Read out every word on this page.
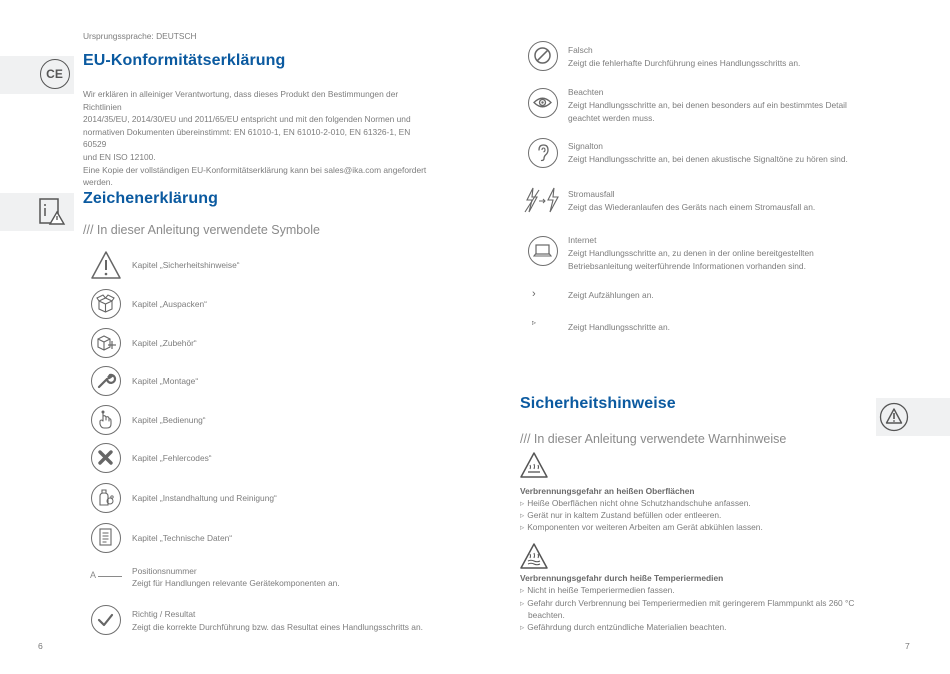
Ursprungssprache: DEUTSCH
CE
EU-Konformitätserklärung
Wir erklären in alleiniger Verantwortung, dass dieses Produkt den Bestimmungen der Richtlinien
2014/35/EU, 2014/30/EU und 2011/65/EU entspricht und mit den folgenden Normen und
normativen Dokumenten übereinstimmt: EN 61010-1, EN 61010-2-010, EN 61326-1, EN 60529
und EN ISO 12100.
Eine Kopie der vollständigen EU-Konformitätserklärung kann bei sales@ika.com angefordert
werden.
Zeichenerklärung
/// In dieser Anleitung verwendete Symbole
Kapitel „Sicherheitshinweise“
Kapitel „Auspacken“
Kapitel „Zubehör“
Kapitel „Montage“
Kapitel „Bedienung“
Kapitel „Fehlercodes“
Kapitel „Instandhaltung und Reinigung“
Kapitel „Technische Daten“
A	Positionsnummer
Zeigt für Handlungen relevante Gerätekomponenten an.
Richtig / Resultat
Zeigt die korrekte Durchführung bzw. das Resultat eines Handlungsschritts an.
6
Falsch
Zeigt die fehlerhafte Durchführung eines Handlungsschritts an.
Beachten
Zeigt Handlungsschritte an, bei denen besonders auf ein bestimmtes Detail
geachtet werden muss.
Signalton
Zeigt Handlungsschritte an, bei denen akustische Signaltöne zu hören sind.
Stromausfall
Zeigt das Wiederanlaufen des Geräts nach einem Stromausfall an.
Internet
Zeigt Handlungsschritte an, zu denen in der online bereitgestellten
Betriebsanleitung weiterführende Informationen vorhanden sind.
›	Zeigt Aufzählungen an.
▹	Zeigt Handlungsschritte an.
Sicherheitshinweise
/// In dieser Anleitung verwendete Warnhinweise
Verbrennungsgefahr an heißen Oberflächen
▹ Heiße Oberflächen nicht ohne Schutzhandschuhe anfassen.
▹ Gerät nur in kaltem Zustand befüllen oder entleeren.
▹ Komponenten vor weiteren Arbeiten am Gerät abkühlen lassen.
Verbrennungsgefahr durch heiße Temperiermedien
▹ Nicht in heiße Temperiermedien fassen.
▹ Gefahr durch Verbrennung bei Temperiermedien mit geringerem Flammpunkt als 260 °C
beachten.
▹ Gefährdung durch entzündliche Materialien beachten.
7
